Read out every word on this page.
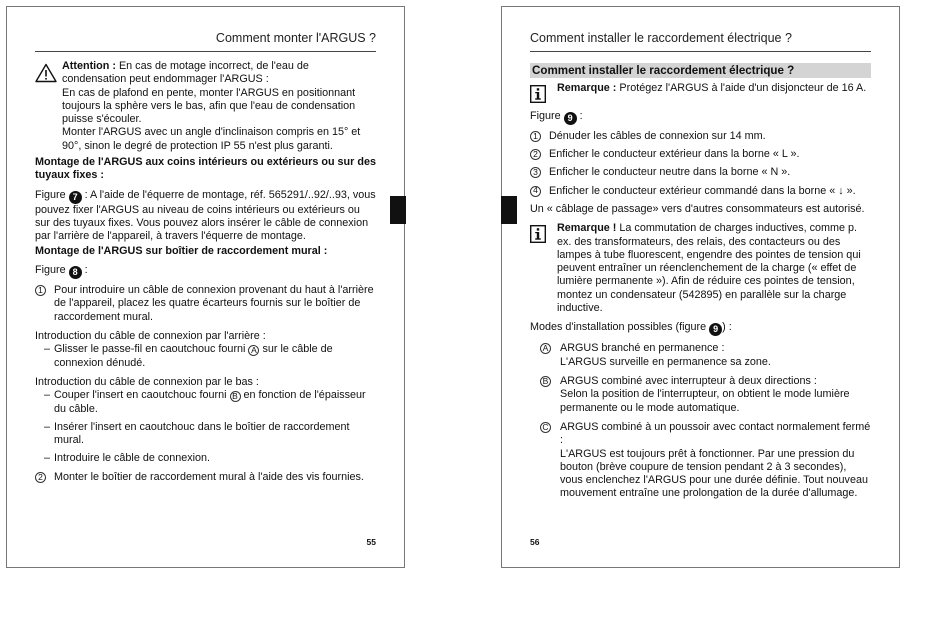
Comment monter l'ARGUS ?

Attention : En cas de motage incorrect, de l'eau de condensation peut endommager l'ARGUS :

En cas de plafond en pente, monter l'ARGUS en positionnant toujours la sphère vers le bas, afin que l'eau de condensation puisse s'écouler.

Monter l'ARGUS avec un angle d'inclinaison compris en 15° et 90°, sinon le degré de protection IP 55 n'est plus garanti.

Montage de l'ARGUS aux coins intérieurs ou extérieurs ou sur des tuyaux fixes :

Figure 7 : A l'aide de l'équerre de montage, réf. 565291/..92/..93, vous pouvez fixer l'ARGUS au niveau de coins intérieurs ou extérieurs ou sur des tuyaux fixes. Vous pouvez alors insérer le câble de connexion par l'arrière de l'appareil, à travers l'équerre de montage.

Montage de l'ARGUS sur boîtier de raccordement mural :

Figure 8 :

1 Pour introduire un câble de connexion provenant du haut à l'arrière de l'appareil, placez les quatre écarteurs fournis sur le boîtier de raccordement mural.

Introduction du câble de connexion par l'arrière :

– Glisser le passe-fil en caoutchouc fourni A sur le câble de connexion dénudé.

Introduction du câble de connexion par le bas :

– Couper l'insert en caoutchouc fourni B en fonction de l'épaisseur du câble.
– Insérer l'insert en caoutchouc dans le boîtier de raccordement mural.
– Introduire le câble de connexion.
2 Monter le boîtier de raccordement mural à l'aide des vis fournies.
55
Comment installer le raccordement électrique ?
Comment installer le raccordement électrique ?

Remarque : Protégez l'ARGUS à l'aide d'un disjoncteur de 16 A.

Figure 9 :

1 Dénuder les câbles de connexion sur 14 mm.
2 Enficher le conducteur extérieur dans la borne « L ».
3 Enficher le conducteur neutre dans la borne « N ».
4 Enficher le conducteur extérieur commandé dans la borne « ↓ ».

Un « câblage de passage» vers d'autres consommateurs est autorisé.

Remarque ! La commutation de charges inductives, comme p. ex. des transformateurs, des relais, des contacteurs ou des lampes à tube fluorescent, engendre des pointes de tension qui peuvent entraîner un réenclenchement de la charge (« effet de lumière permanente »). Afin de réduire ces pointes de tension, montez un condensateur (542895) en parallèle sur la charge inductive.

Modes d'installation possibles (figure 9 ) :

A ARGUS branché en permanence :

L'ARGUS surveille en permanence sa zone.

B ARGUS combiné avec interrupteur à deux directions :

Selon la position de l'interrupteur, on obtient le mode lumière permanente ou le mode automatique.

C ARGUS combiné à un poussoir avec contact normalement fermé :

L'ARGUS est toujours prêt à fonctionner. Par une pression du bouton (brève coupure de tension pendant 2 à 3 secondes), vous enclenchez l'ARGUS pour une durée définie. Tout nouveau mouvement entraîne une prolongation de la durée d'allumage.

56
